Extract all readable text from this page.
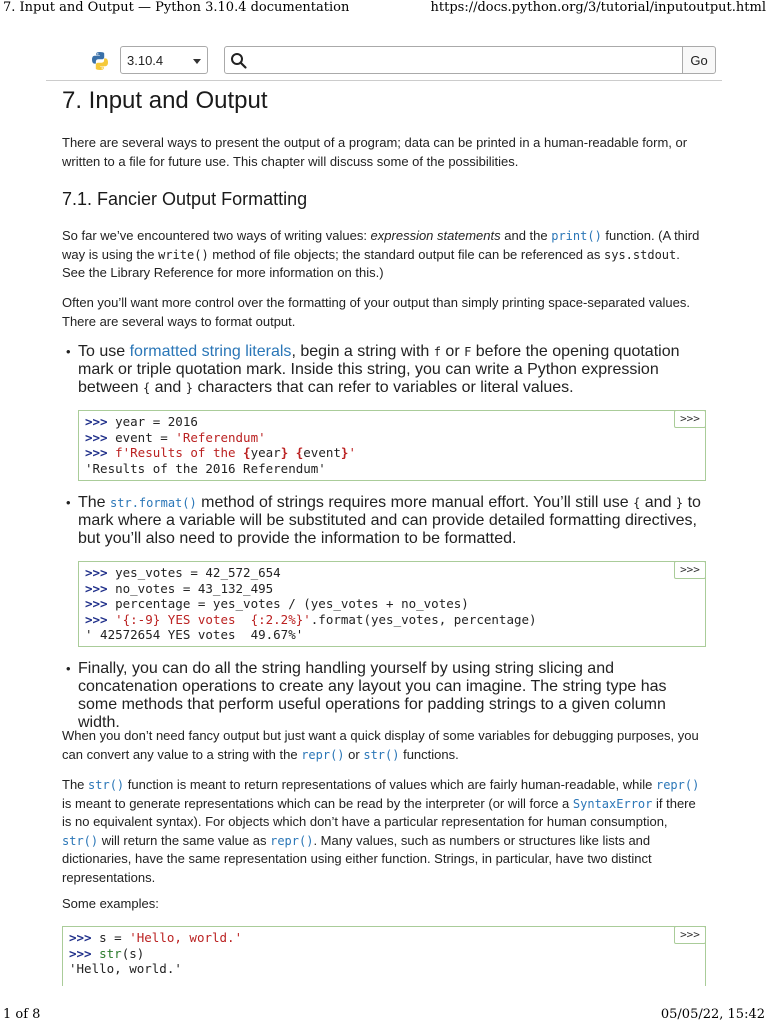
7. Input and Output — Python 3.10.4 documentation	https://docs.python.org/3/tutorial/inputoutput.html
3.10.4	Go
7. Input and Output

There are several ways to present the output of a program; data can be printed in a human-readable form, or written to a file for future use. This chapter will discuss some of the possibilities.

7.1. Fancier Output Formatting

So far we’ve encountered two ways of writing values: expression statements and the print() function. (A third way is using the write() method of file objects; the standard output file can be referenced as sys.stdout. See the Library Reference for more information on this.)

Often you’ll want more control over the formatting of your output than simply printing space-separated values. There are several ways to format output.

• To use formatted string literals, begin a string with f or F before the opening quotation mark or triple quotation mark. Inside this string, you can write a Python expression between { and } characters that can refer to variables or literal values.
>>>
>>> year = 2016
>>> event = 'Referendum'
>>> f'Results of the {year} {event}'
'Results of the 2016 Referendum'
• The str.format() method of strings requires more manual effort. You’ll still use { and } to mark where a variable will be substituted and can provide detailed formatting directives, but you’ll also need to provide the information to be formatted.
>>>
>>> yes_votes = 42_572_654
>>> no_votes = 43_132_495
>>> percentage = yes_votes / (yes_votes + no_votes)
>>> '{:-9} YES votes  {:2.2%}'.format(yes_votes, percentage)
' 42572654 YES votes  49.67%'
• Finally, you can do all the string handling yourself by using string slicing and concatenation operations to create any layout you can imagine. The string type has some methods that perform useful operations for padding strings to a given column width.

When you don’t need fancy output but just want a quick display of some variables for debugging purposes, you can convert any value to a string with the repr() or str() functions.

The str() function is meant to return representations of values which are fairly human-readable, while repr() is meant to generate representations which can be read by the interpreter (or will force a SyntaxError if there is no equivalent syntax). For objects which don’t have a particular representation for human consumption, str() will return the same value as repr(). Many values, such as numbers or structures like lists and dictionaries, have the same representation using either function. Strings, in particular, have two distinct representations.

Some examples:

>>>
>>> s = 'Hello, world.'
>>> str(s)
'Hello, world.'
1 of 8	05/05/22, 15:42
